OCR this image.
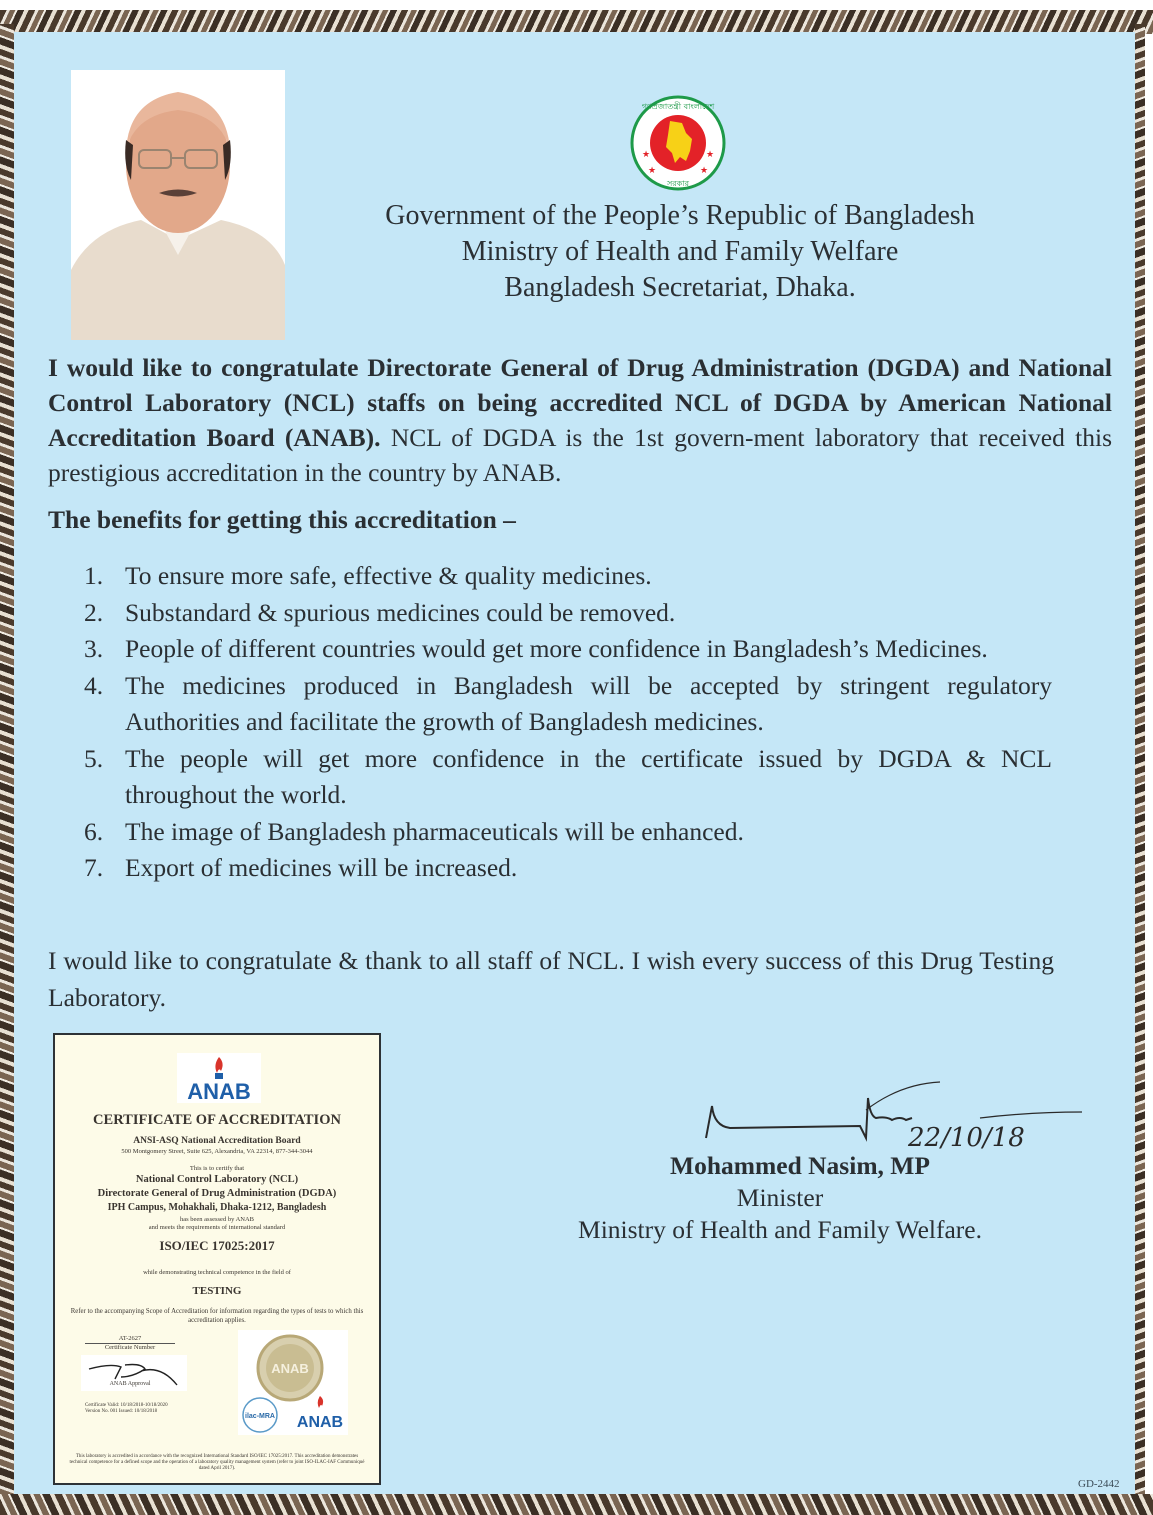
গণপ্রজাতন্ত্রী বাংলাদেশ
সরকার
★	★
★	★
Government of the People’s Republic of Bangladesh
Ministry of Health and Family Welfare
Bangladesh Secretariat, Dhaka.
I would like to congratulate Directorate General of Drug Administration (DGDA) and National Control Laboratory (NCL) staffs on being accredited NCL of DGDA by American National Accreditation Board (ANAB). NCL of DGDA is the 1st govern-ment laboratory that received this prestigious accreditation in the country by ANAB.
The benefits for getting this accreditation –
1. To ensure more safe, effective & quality medicines.
2. Substandard & spurious medicines could be removed.
3. People of different countries would get more confidence in Bangladesh’s Medicines.
4. The medicines produced in Bangladesh will be accepted by stringent regulatory Authorities and facilitate the growth of Bangladesh medicines.
5. The people will get more confidence in the certificate issued by DGDA & NCL throughout the world.
6. The image of Bangladesh pharmaceuticals will be enhanced.
7. Export of medicines will be increased.
I would like to congratulate & thank to all staff of NCL. I wish every success of this Drug Testing Laboratory.
ANAB
CERTIFICATE OF ACCREDITATION
ANSI-ASQ National Accreditation Board
500 Montgomery Street, Suite 625, Alexandria, VA 22314, 877-344-3044
This is to certify that
National Control Laboratory (NCL)
Directorate General of Drug Administration (DGDA)
IPH Campus, Mohakhali, Dhaka-1212, Bangladesh
has been assessed by ANAB
and meets the requirements of international standard
ISO/IEC 17025:2017
while demonstrating technical competence in the field of
TESTING
Refer to the accompanying Scope of Accreditation for information regarding the types of tests to which this accreditation applies.
AT-2627
Certificate Number
ANAB Approval
Certificate Valid: 10/18/2018-10/18/2020
Version No. 001 Issued: 10/18/2018
ANAB
ilac-MRA ANAB
This laboratory is accredited in accordance with the recognized International Standard ISO/IEC 17025:2017. This accreditation demonstrates technical competence for a defined scope and the operation of a laboratory quality management system (refer to joint ISO-ILAC-IAF Communiqué dated April 2017).
22/10/18
Mohammed Nasim, MP
Minister
Ministry of Health and Family Welfare.
GD-2442
